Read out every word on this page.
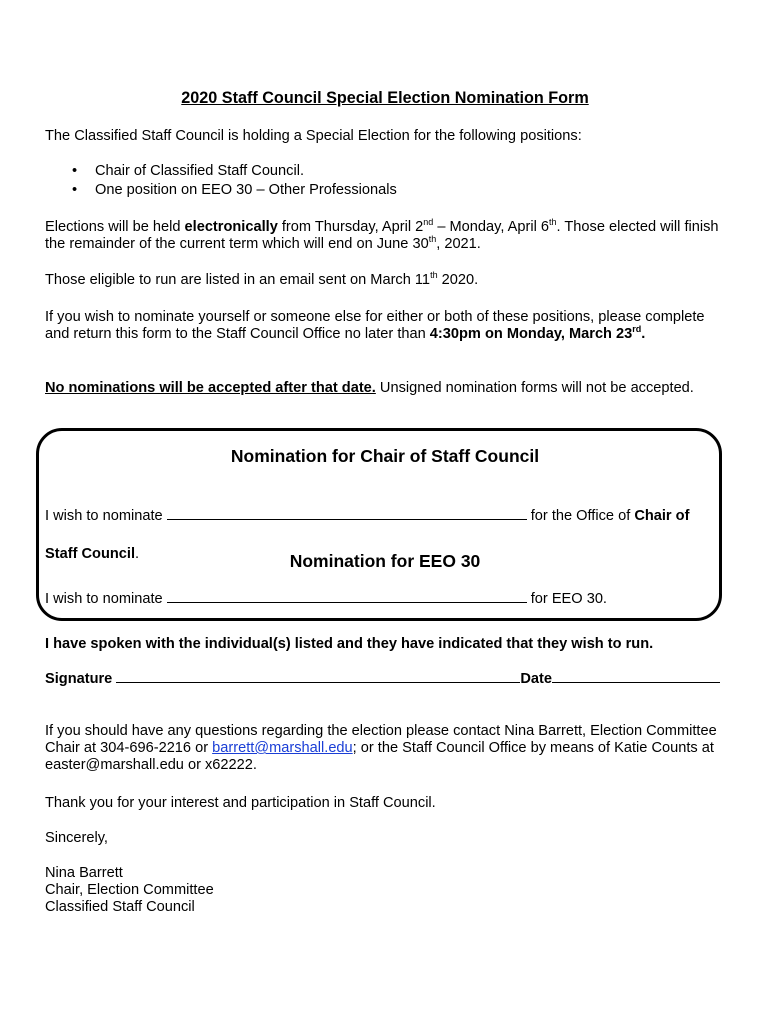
2020 Staff Council Special Election Nomination Form
The Classified Staff Council is holding a Special Election for the following positions:
• Chair of Classified Staff Council.
• One position on EEO 30 – Other Professionals
Elections will be held electronically from Thursday, April 2nd – Monday, April 6th. Those elected will finish the remainder of the current term which will end on June 30th, 2021.
Those eligible to run are listed in an email sent on March 11th 2020.
If you wish to nominate yourself or someone else for either or both of these positions, please complete and return this form to the Staff Council Office no later than 4:30pm on Monday, March 23rd.
No nominations will be accepted after that date. Unsigned nomination forms will not be accepted.
Nomination for Chair of Staff Council
I wish to nominate	for the Office of Chair of Staff Council.	Nomination for EEO 30
I wish to nominate	for EEO 30.
I have spoken with the individual(s) listed and they have indicated that they wish to run.
Signature	Date
If you should have any questions regarding the election please contact Nina Barrett, Election Committee Chair at 304-696-2216 or barrett@marshall.edu; or the Staff Council Office by means of Katie Counts at easter@marshall.edu or x62222.
Thank you for your interest and participation in Staff Council.
Sincerely,
Nina Barrett
Chair, Election Committee
Classified Staff Council
